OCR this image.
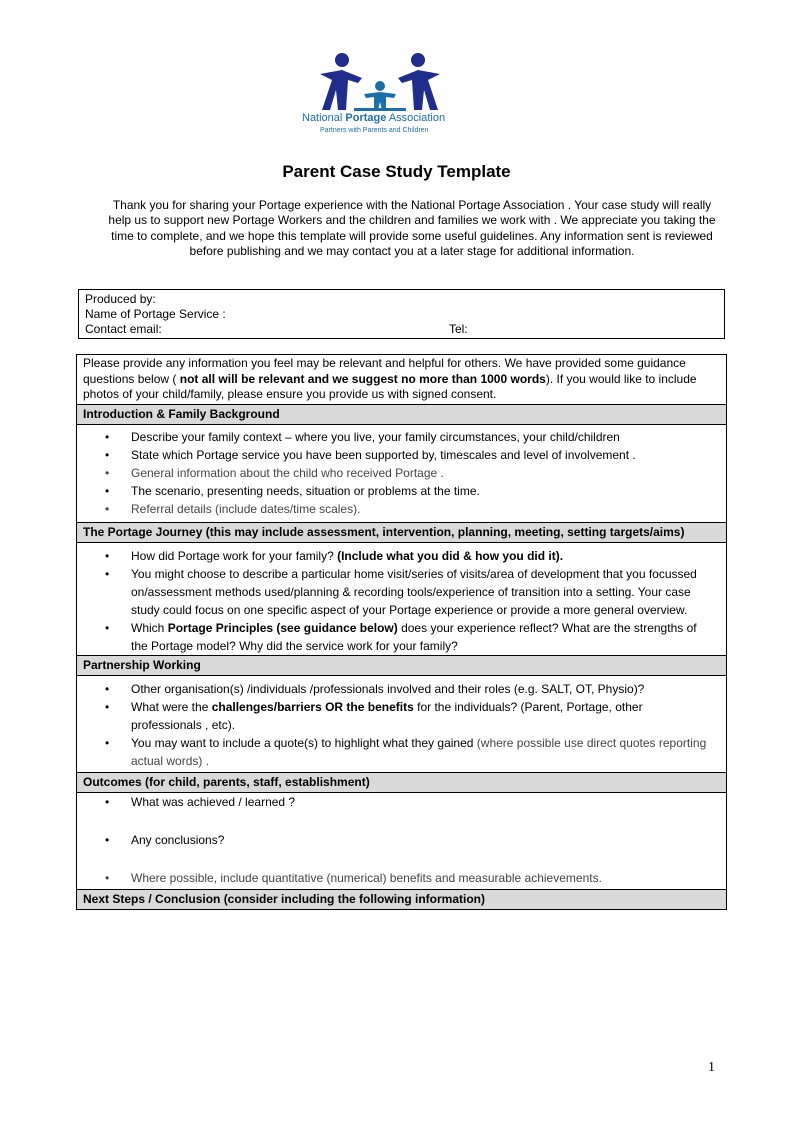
National Portage Association
Partners with Parents and Children
Parent Case Study Template
Thank you for sharing your Portage experience with the National Portage Association . Your case study will really help us to support new Portage Workers and the children and families we work with . We appreciate you taking the time to complete, and we hope this template will provide some useful guidelines. Any information sent is reviewed before publishing and we may contact you at a later stage for additional information.
Produced by:
Name of Portage Service :
Contact email:	Tel:
Please provide any information you feel may be relevant and helpful for others. We have provided some guidance questions below ( not all will be relevant and we suggest no more than 1000 words). If you would like to include photos of your child/family, please ensure you provide us with signed consent.
Introduction & Family Background
• Describe your family context – where you live, your family circumstances, your child/children
• State which Portage service you have been supported by, timescales and level of involvement .
• General information about the child who received Portage .
• The scenario, presenting needs, situation or problems at the time.
• Referral details (include dates/time scales).
The Portage Journey (this may include assessment, intervention, planning, meeting, setting targets/aims)
• How did Portage work for your family? (Include what you did & how you did it).
• You might choose to describe a particular home visit/series of visits/area of development that you focussed on/assessment methods used/planning & recording tools/experience of transition into a setting. Your case study could focus on one specific aspect of your Portage experience or provide a more general overview.
• Which Portage Principles (see guidance below) does your experience reflect? What are the strengths of the Portage model? Why did the service work for your family?
Partnership Working
• Other organisation(s) /individuals /professionals involved and their roles (e.g. SALT, OT, Physio)?
• What were the challenges/barriers OR the benefits for the individuals? (Parent, Portage, other professionals , etc).
• You may want to include a quote(s) to highlight what they gained (where possible use direct quotes reporting actual words) .
Outcomes (for child, parents, staff, establishment)
• What was achieved / learned ?
• Any conclusions?
• Where possible, include quantitative (numerical) benefits and measurable achievements.
Next Steps / Conclusion (consider including the following information)
1
